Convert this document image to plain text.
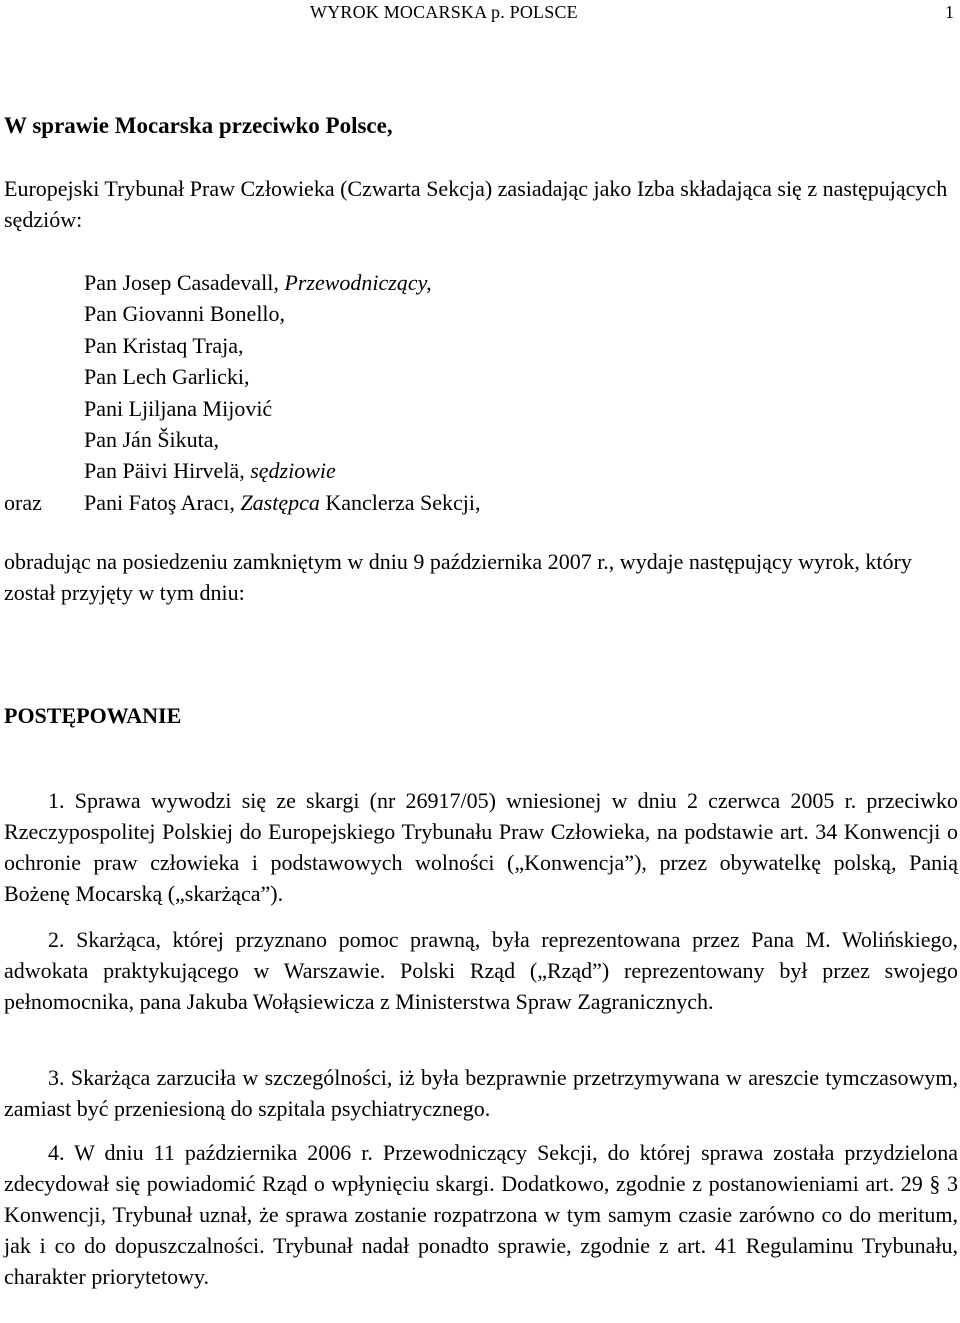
WYROK MOCARSKA p. POLSCE	1
W sprawie Mocarska przeciwko Polsce,
Europejski Trybunał Praw Człowieka (Czwarta Sekcja) zasiadając jako Izba składająca się z następujących sędziów:
Pan Josep Casadevall, Przewodniczący,
Pan Giovanni Bonello,
Pan Kristaq Traja,
Pan Lech Garlicki,
Pani Ljiljana Mijović
Pan Ján Šikuta,
Pan Päivi Hirvelä, sędziowie
oraz Pani Fatoş Aracı, Zastępca Kanclerza Sekcji,
obradując na posiedzeniu zamkniętym w dniu 9 października 2007 r., wydaje następujący wyrok, który został przyjęty w tym dniu:
POSTĘPOWANIE
1. Sprawa wywodzi się ze skargi (nr 26917/05) wniesionej w dniu 2 czerwca 2005 r. przeciwko Rzeczypospolitej Polskiej do Europejskiego Trybunału Praw Człowieka, na podstawie art. 34 Konwencji o ochronie praw człowieka i podstawowych wolności („Konwencja”), przez obywatelkę polską, Panią Bożenę Mocarską („skarżąca”).
2. Skarżąca, której przyznano pomoc prawną, była reprezentowana przez Pana M. Wolińskiego, adwokata praktykującego w Warszawie. Polski Rząd („Rząd”) reprezentowany był przez swojego pełnomocnika, pana Jakuba Wołąsiewicza z Ministerstwa Spraw Zagranicznych.
3. Skarżąca zarzuciła w szczególności, iż była bezprawnie przetrzymywana w areszcie tymczasowym, zamiast być przeniesioną do szpitala psychiatrycznego.
4. W dniu 11 października 2006 r. Przewodniczący Sekcji, do której sprawa została przydzielona zdecydował się powiadomić Rząd o wpłynięciu skargi. Dodatkowo, zgodnie z postanowieniami art. 29 § 3 Konwencji, Trybunał uznał, że sprawa zostanie rozpatrzona w tym samym czasie zarówno co do meritum, jak i co do dopuszczalności. Trybunał nadał ponadto sprawie, zgodnie z art. 41 Regulaminu Trybunału, charakter priorytetowy.
